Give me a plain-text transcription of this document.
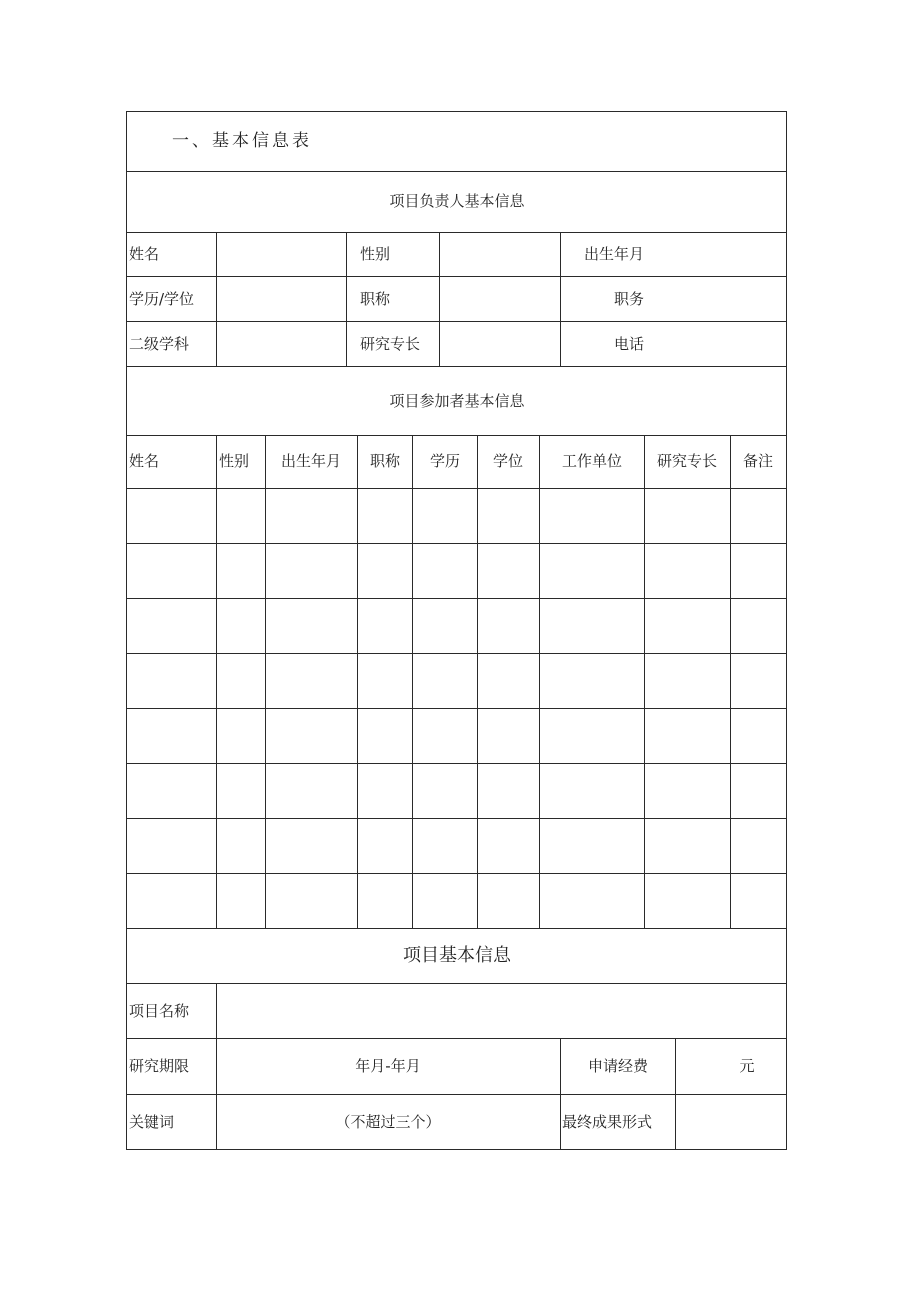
一、基本信息表
项目负责人基本信息
姓名	性别	出生年月
学历/学位	职称	职务
二级学科	研究专长	电话
项目参加者基本信息
姓名	性别 出生年月 职称 学历 学位	工作单位 研究专长 备注
项目基本信息
项目名称
研究期限	年月-年月	申请经费	元
关键词	（不超过三个）	最终成果形式
